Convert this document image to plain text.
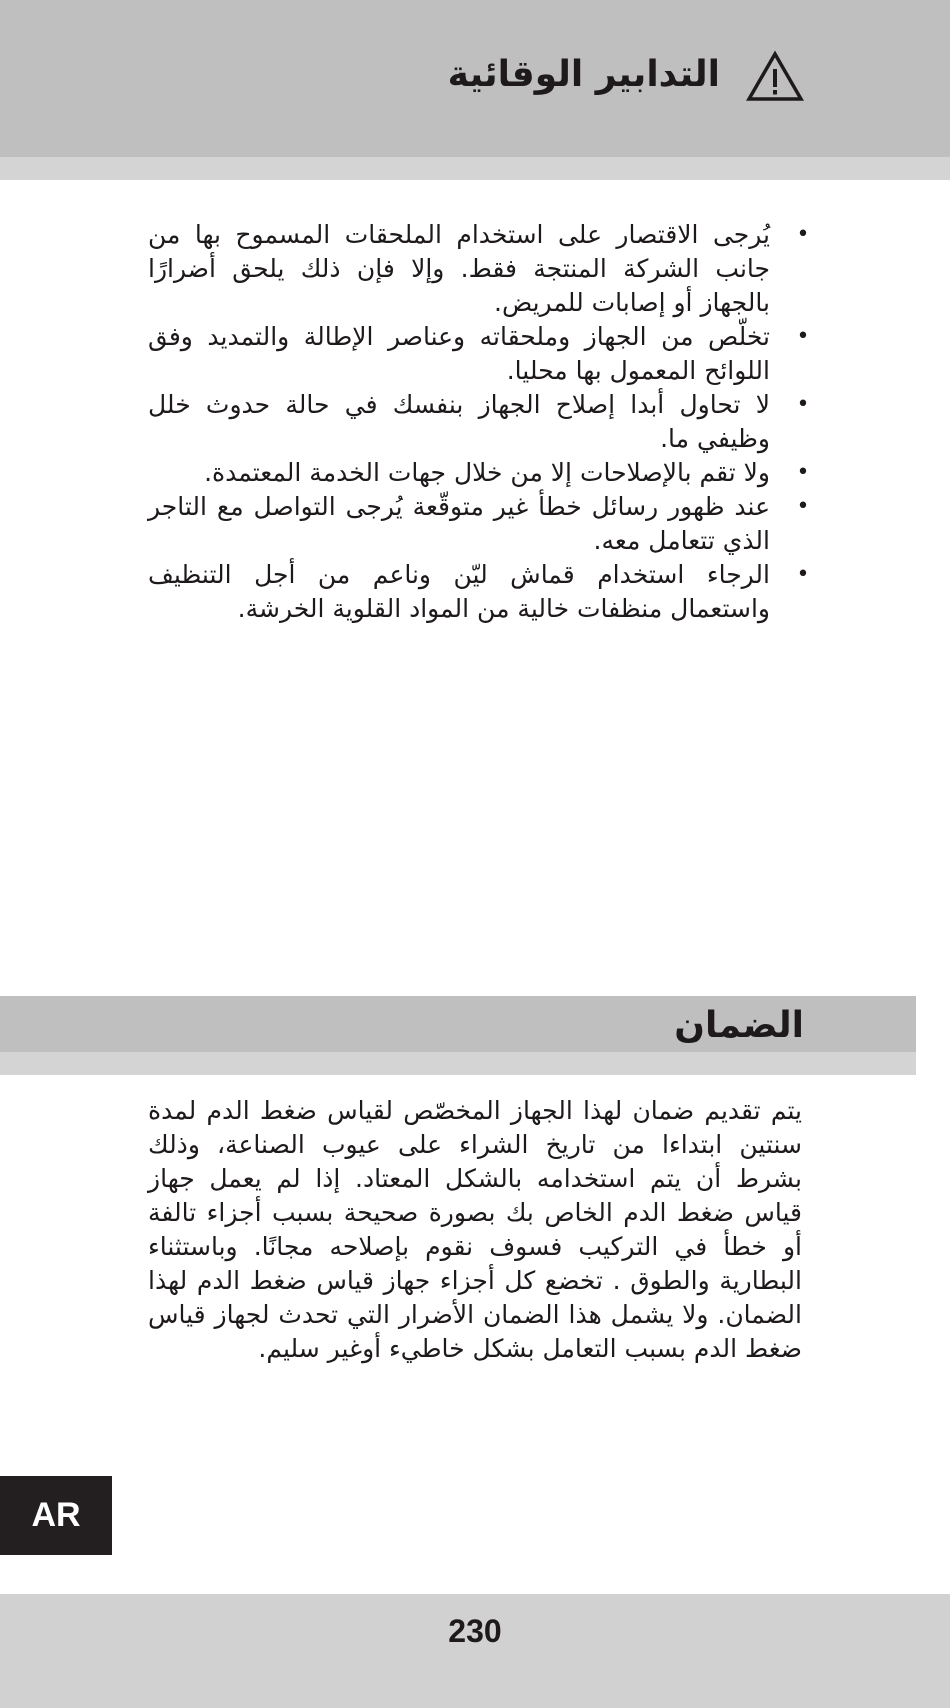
التدابير الوقائية
•
يُرجى الاقتصار على استخدام الملحقات المسموح بها من جانب الشركة المنتجة فقط. وإلا فإن ذلك يلحق أضرارًا بالجهاز أو إصابات للمريض.
•
تخلّص من الجهاز وملحقاته وعناصر الإطالة والتمديد وفق اللوائح المعمول بها محليا.
•
لا تحاول أبدا إصلاح الجهاز بنفسك في حالة حدوث خلل وظيفي ما.
•
ولا تقم بالإصلاحات إلا من خلال جهات الخدمة المعتمدة.
•
عند ظهور رسائل خطأ غير متوقّعة يُرجى التواصل مع التاجر الذي تتعامل معه.
•
الرجاء استخدام قماش ليّن وناعم من أجل التنظيف واستعمال منظفات خالية من المواد القلوية الخرشة.
الضمان

يتم تقديم ضمان لهذا الجهاز المخصّص لقياس ضغط الدم لمدة سنتين ابتداءا من تاريخ الشراء على عيوب الصناعة، وذلك بشرط أن يتم استخدامه بالشكل المعتاد. إذا لم يعمل جهاز قياس ضغط الدم الخاص بك بصورة صحيحة بسبب أجزاء تالفة أو خطأ في التركيب فسوف نقوم بإصلاحه مجانًا. وباستثناء البطارية والطوق . تخضع كل أجزاء جهاز قياس ضغط الدم لهذا الضمان. ولا يشمل هذا الضمان الأضرار التي تحدث لجهاز قياس ضغط الدم بسبب التعامل بشكل خاطيء أوغير سليم.

AR
230
